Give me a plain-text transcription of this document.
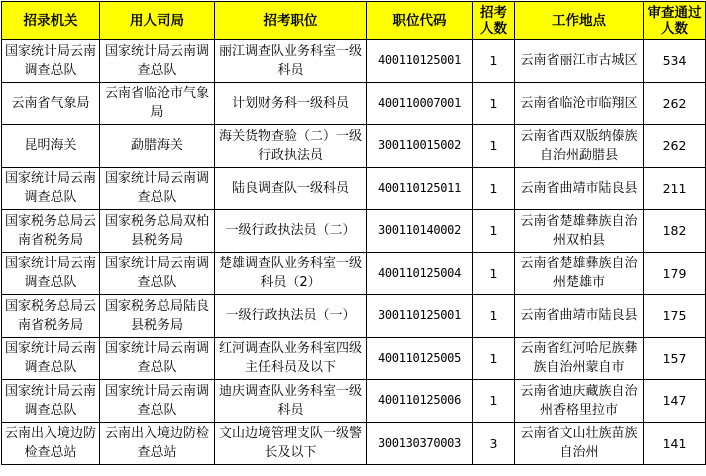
招录机关	用人司局	招考职位	职位代码	招考人数	工作地点	审查通过人数
国家统计局云南调查总队	国家统计局云南调查总队	丽江调查队业务科室一级科员	400110125001	1	云南省丽江市古城区	534
云南省气象局	云南省临沧市气象局	计划财务科一级科员	400110007001	1	云南省临沧市临翔区	262
昆明海关	勐腊海关	海关货物查验（二）一级行政执法员	300110015002	1	云南省西双版纳傣族自治州勐腊县	262
国家统计局云南调查总队	国家统计局云南调查总队	陆良调查队一级科员	400110125011	1	云南省曲靖市陆良县	211
国家税务总局云南省税务局	国家税务总局双柏县税务局	一级行政执法员（二）	300110140002	1	云南省楚雄彝族自治州双柏县	182
国家统计局云南调查总队	国家统计局云南调查总队	楚雄调查队业务科室一级科员（2）	400110125004	1	云南省楚雄彝族自治州楚雄市	179
国家税务总局云南省税务局	国家税务总局陆良县税务局	一级行政执法员（一）	300110125001	1	云南省曲靖市陆良县	175
国家统计局云南调查总队	国家统计局云南调查总队	红河调查队业务科室四级主任科员及以下	400110125005	1	云南省红河哈尼族彝族自治州蒙自市	157
国家统计局云南调查总队	国家统计局云南调查总队	迪庆调查队业务科室一级科员	400110125006	1	云南省迪庆藏族自治州香格里拉市	147
云南出入境边防检查总站	云南出入境边防检查总站	文山边境管理支队一级警长及以下	300130370003	3	云南省文山壮族苗族自治州	141
